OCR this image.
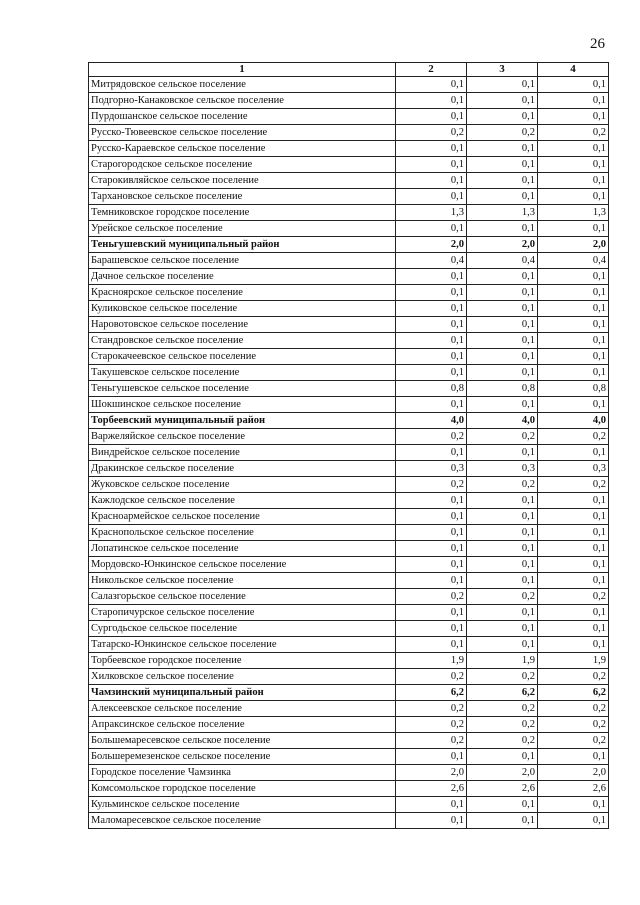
26
1	2	3	4
Митрядовское сельское поселение	0,1	0,1	0,1
Подгорно-Канаковское сельское поселение	0,1	0,1	0,1
Пурдошанское сельское поселение	0,1	0,1	0,1
Русско-Тювеевское сельское поселение	0,2	0,2	0,2
Русско-Караевское сельское поселение	0,1	0,1	0,1
Старогородское сельское поселение	0,1	0,1	0,1
Старокивляйское сельское поселение	0,1	0,1	0,1
Тархановское сельское поселение	0,1	0,1	0,1
Темниковское городское поселение	1,3	1,3	1,3
Урейское сельское поселение	0,1	0,1	0,1
Теньгушевский муниципальный район	2,0	2,0	2,0
Барашевское сельское поселение	0,4	0,4	0,4
Дачное сельское поселение	0,1	0,1	0,1
Красноярское сельское поселение	0,1	0,1	0,1
Куликовское сельское поселение	0,1	0,1	0,1
Наровотовское сельское поселение	0,1	0,1	0,1
Стандровское сельское поселение	0,1	0,1	0,1
Старокачеевское сельское поселение	0,1	0,1	0,1
Такушевское сельское поселение	0,1	0,1	0,1
Теньгушевское сельское поселение	0,8	0,8	0,8
Шокшинское сельское поселение	0,1	0,1	0,1
Торбеевский муниципальный район	4,0	4,0	4,0
Варжеляйское сельское поселение	0,2	0,2	0,2
Виндрейское сельское поселение	0,1	0,1	0,1
Дракинское сельское поселение	0,3	0,3	0,3
Жуковское сельское поселение	0,2	0,2	0,2
Кажлодское сельское поселение	0,1	0,1	0,1
Красноармейское сельское поселение	0,1	0,1	0,1
Краснопольское сельское поселение	0,1	0,1	0,1
Лопатинское сельское поселение	0,1	0,1	0,1
Мордовско-Юнкинское сельское поселение	0,1	0,1	0,1
Никольское сельское поселение	0,1	0,1	0,1
Салазгорьское сельское поселение	0,2	0,2	0,2
Старопичурское сельское поселение	0,1	0,1	0,1
Сургодьское сельское поселение	0,1	0,1	0,1
Татарско-Юнкинское сельское поселение	0,1	0,1	0,1
Торбеевское городское поселение	1,9	1,9	1,9
Хилковское сельское поселение	0,2	0,2	0,2
Чамзинский муниципальный район	6,2	6,2	6,2
Алексеевское сельское поселение	0,2	0,2	0,2
Апраксинское сельское поселение	0,2	0,2	0,2
Большемаресевское сельское поселение	0,2	0,2	0,2
Большеремезенское сельское поселение	0,1	0,1	0,1
Городское поселение Чамзинка	2,0	2,0	2,0
Комсомольское городское поселение	2,6	2,6	2,6
Кульминское сельское поселение	0,1	0,1	0,1
Маломаресевское сельское поселение	0,1	0,1	0,1
